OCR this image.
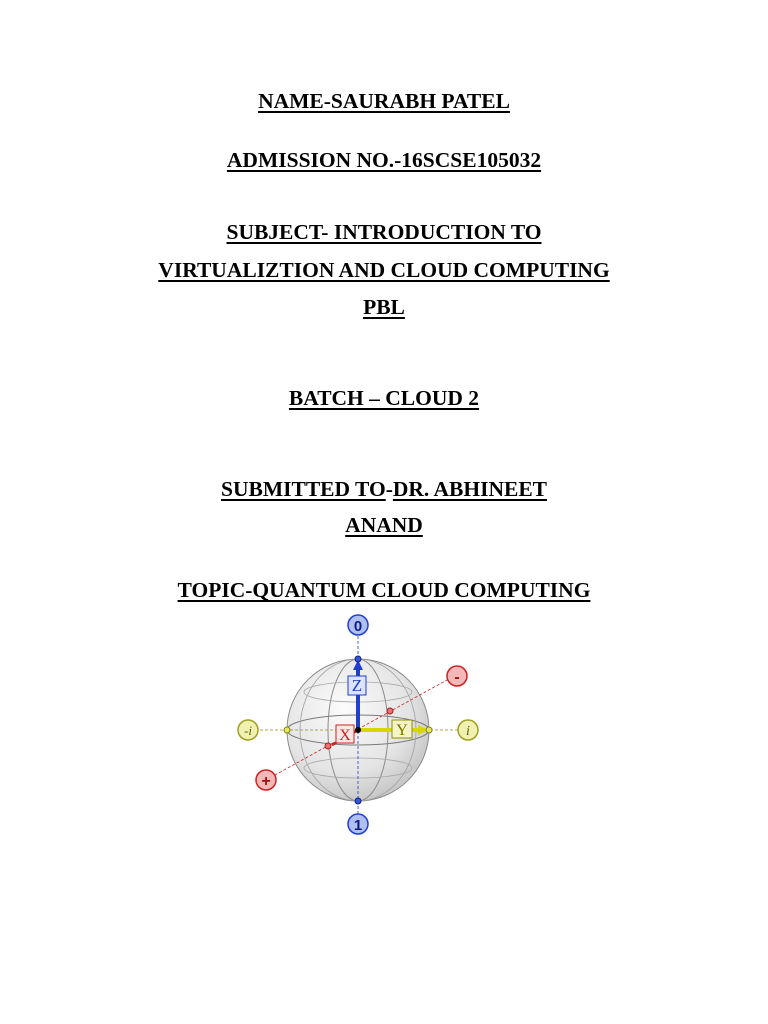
NAME-SAURABH PATEL
ADMISSION NO.-16SCSE105032
SUBJECT- INTRODUCTION TO
VIRTUALIZTION AND CLOUD COMPUTING
PBL
BATCH – CLOUD 2
SUBMITTED TO-DR. ABHINEET
ANAND
TOPIC-QUANTUM CLOUD COMPUTING
Z
X	Y
0
1
-
+
-i	i
